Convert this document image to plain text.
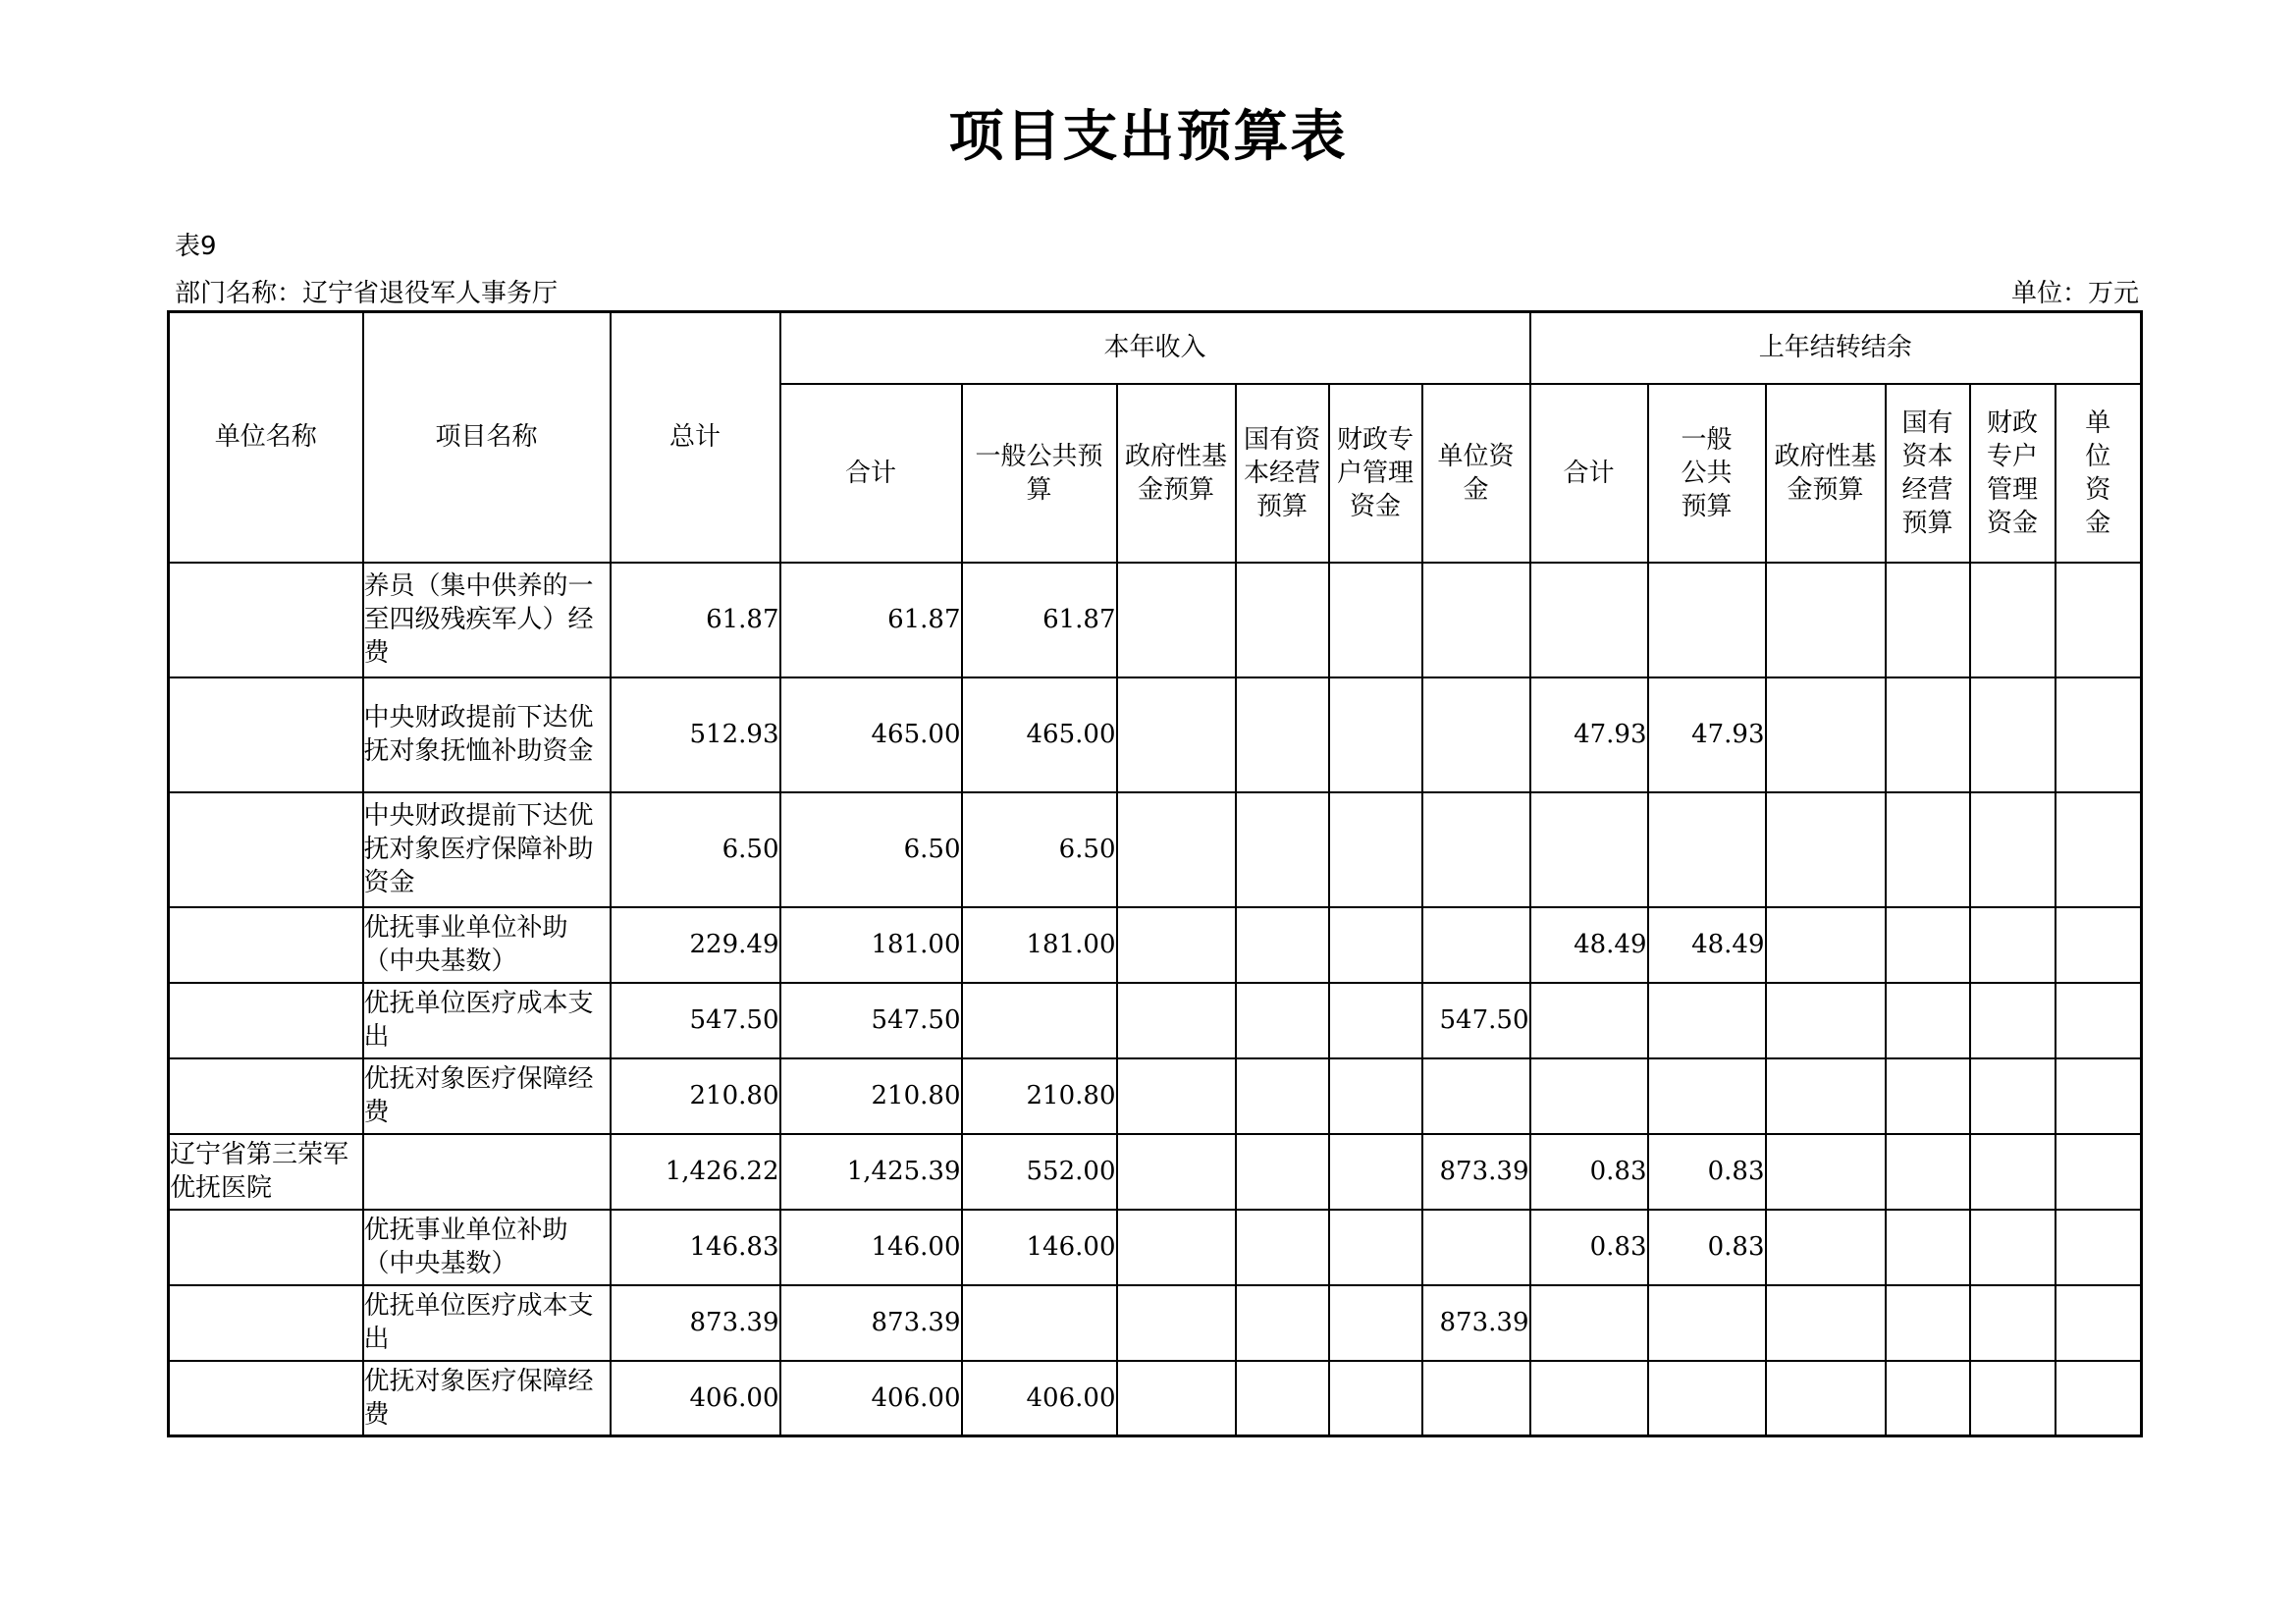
项目支出预算表
表9
部门名称：辽宁省退役军人事务厅	单位：万元
单位名称	项目名称	总计	本年收入						上年结转结余					
			合计	一般公共预算	政府性基金预算	国有资本经营预算	财政专户管理资金	单位资金	合计	一般公共预算	政府性基金预算	国有资本经营预算	财政专户管理资金	单位资金
	养员（集中供养的一至四级残疾军人）经费	61.87	61.87	61.87										
	中央财政提前下达优抚对象抚恤补助资金	512.93	465.00	465.00					47.93	47.93				
	中央财政提前下达优抚对象医疗保障补助资金	6.50	6.50	6.50										
	优抚事业单位补助（中央基数）	229.49	181.00	181.00					48.49	48.49				
	优抚单位医疗成本支出	547.50	547.50					547.50						
	优抚对象医疗保障经费	210.80	210.80	210.80										
辽宁省第三荣军优抚医院		1,426.22	1,425.39	552.00				873.39	0.83	0.83				
	优抚事业单位补助（中央基数）	146.83	146.00	146.00					0.83	0.83				
	优抚单位医疗成本支出	873.39	873.39					873.39						
	优抚对象医疗保障经费	406.00	406.00	406.00										
